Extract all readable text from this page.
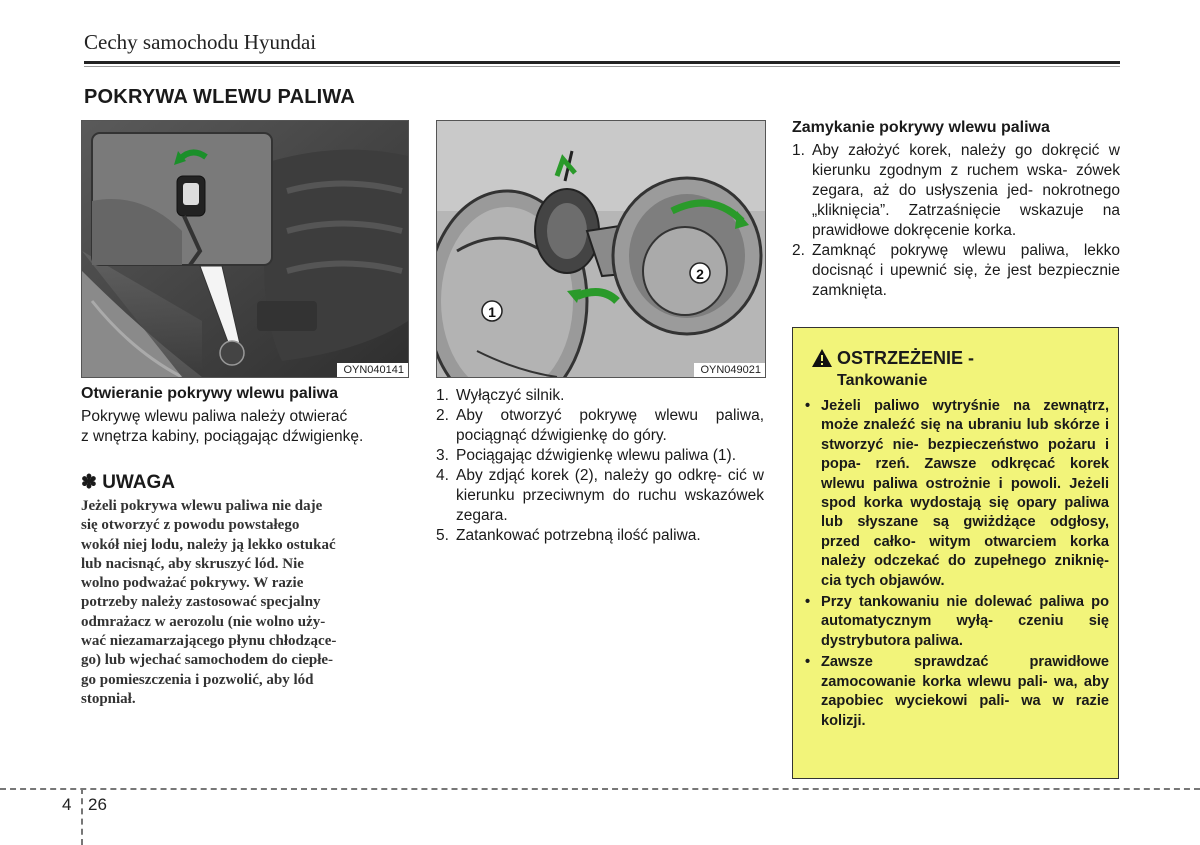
Cechy samochodu Hyundai
POKRYWA WLEWU PALIWA
OYN040141
1
2
OYN049021
Otwieranie pokrywy wlewu paliwa
Pokrywę wlewu paliwa należy otwierać
z wnętrza kabiny, pociągając dźwigienkę.
✽ UWAGA
Jeżeli pokrywa wlewu paliwa nie daje
się otworzyć z powodu powstałego
wokół niej lodu, należy ją lekko ostukać
lub nacisnąć, aby skruszyć lód. Nie
wolno podważać pokrywy. W razie
potrzeby należy zastosować specjalny
odmrażacz w aerozolu (nie wolno uży-
wać niezamarzającego płynu chłodzące-
go) lub wjechać samochodem do ciepłe-
go pomieszczenia i pozwolić, aby lód
stopniał.
1. Wyłączyć silnik.
2. Aby otworzyć pokrywę wlewu paliwa, pociągnąć dźwigienkę do góry.
3. Pociągając dźwigienkę wlewu paliwa (1).
4. Aby zdjąć korek (2), należy go odkrę- cić w kierunku przeciwnym do ruchu wskazówek zegara.
5. Zatankować potrzebną ilość paliwa.
Zamykanie pokrywy wlewu paliwa
1. Aby założyć korek, należy go dokręcić w kierunku zgodnym z ruchem wska- zówek zegara, aż do usłyszenia jed- nokrotnego „kliknięcia”. Zatrzaśnięcie wskazuje na prawidłowe dokręcenie korka.
2. Zamknąć pokrywę wlewu paliwa, lekko docisnąć i upewnić się, że jest bezpiecznie zamknięta.
OSTRZEŻENIE -
Tankowanie
• Jeżeli paliwo wytryśnie na zewnątrz, może znaleźć się na ubraniu lub skórze i stworzyć nie- bezpieczeństwo pożaru i popa- rzeń. Zawsze odkręcać korek wlewu paliwa ostrożnie i powoli. Jeżeli spod korka wydostają się opary paliwa lub słyszane są gwiżdżące odgłosy, przed całko- witym otwarciem korka należy odczekać do zupełnego zniknię- cia tych objawów.
• Przy tankowaniu nie dolewać paliwa po automatycznym wyłą- czeniu się dystrybutora paliwa.
• Zawsze sprawdzać prawidłowe zamocowanie korka wlewu pali- wa, aby zapobiec wyciekowi pali- wa w razie kolizji.
4 26
